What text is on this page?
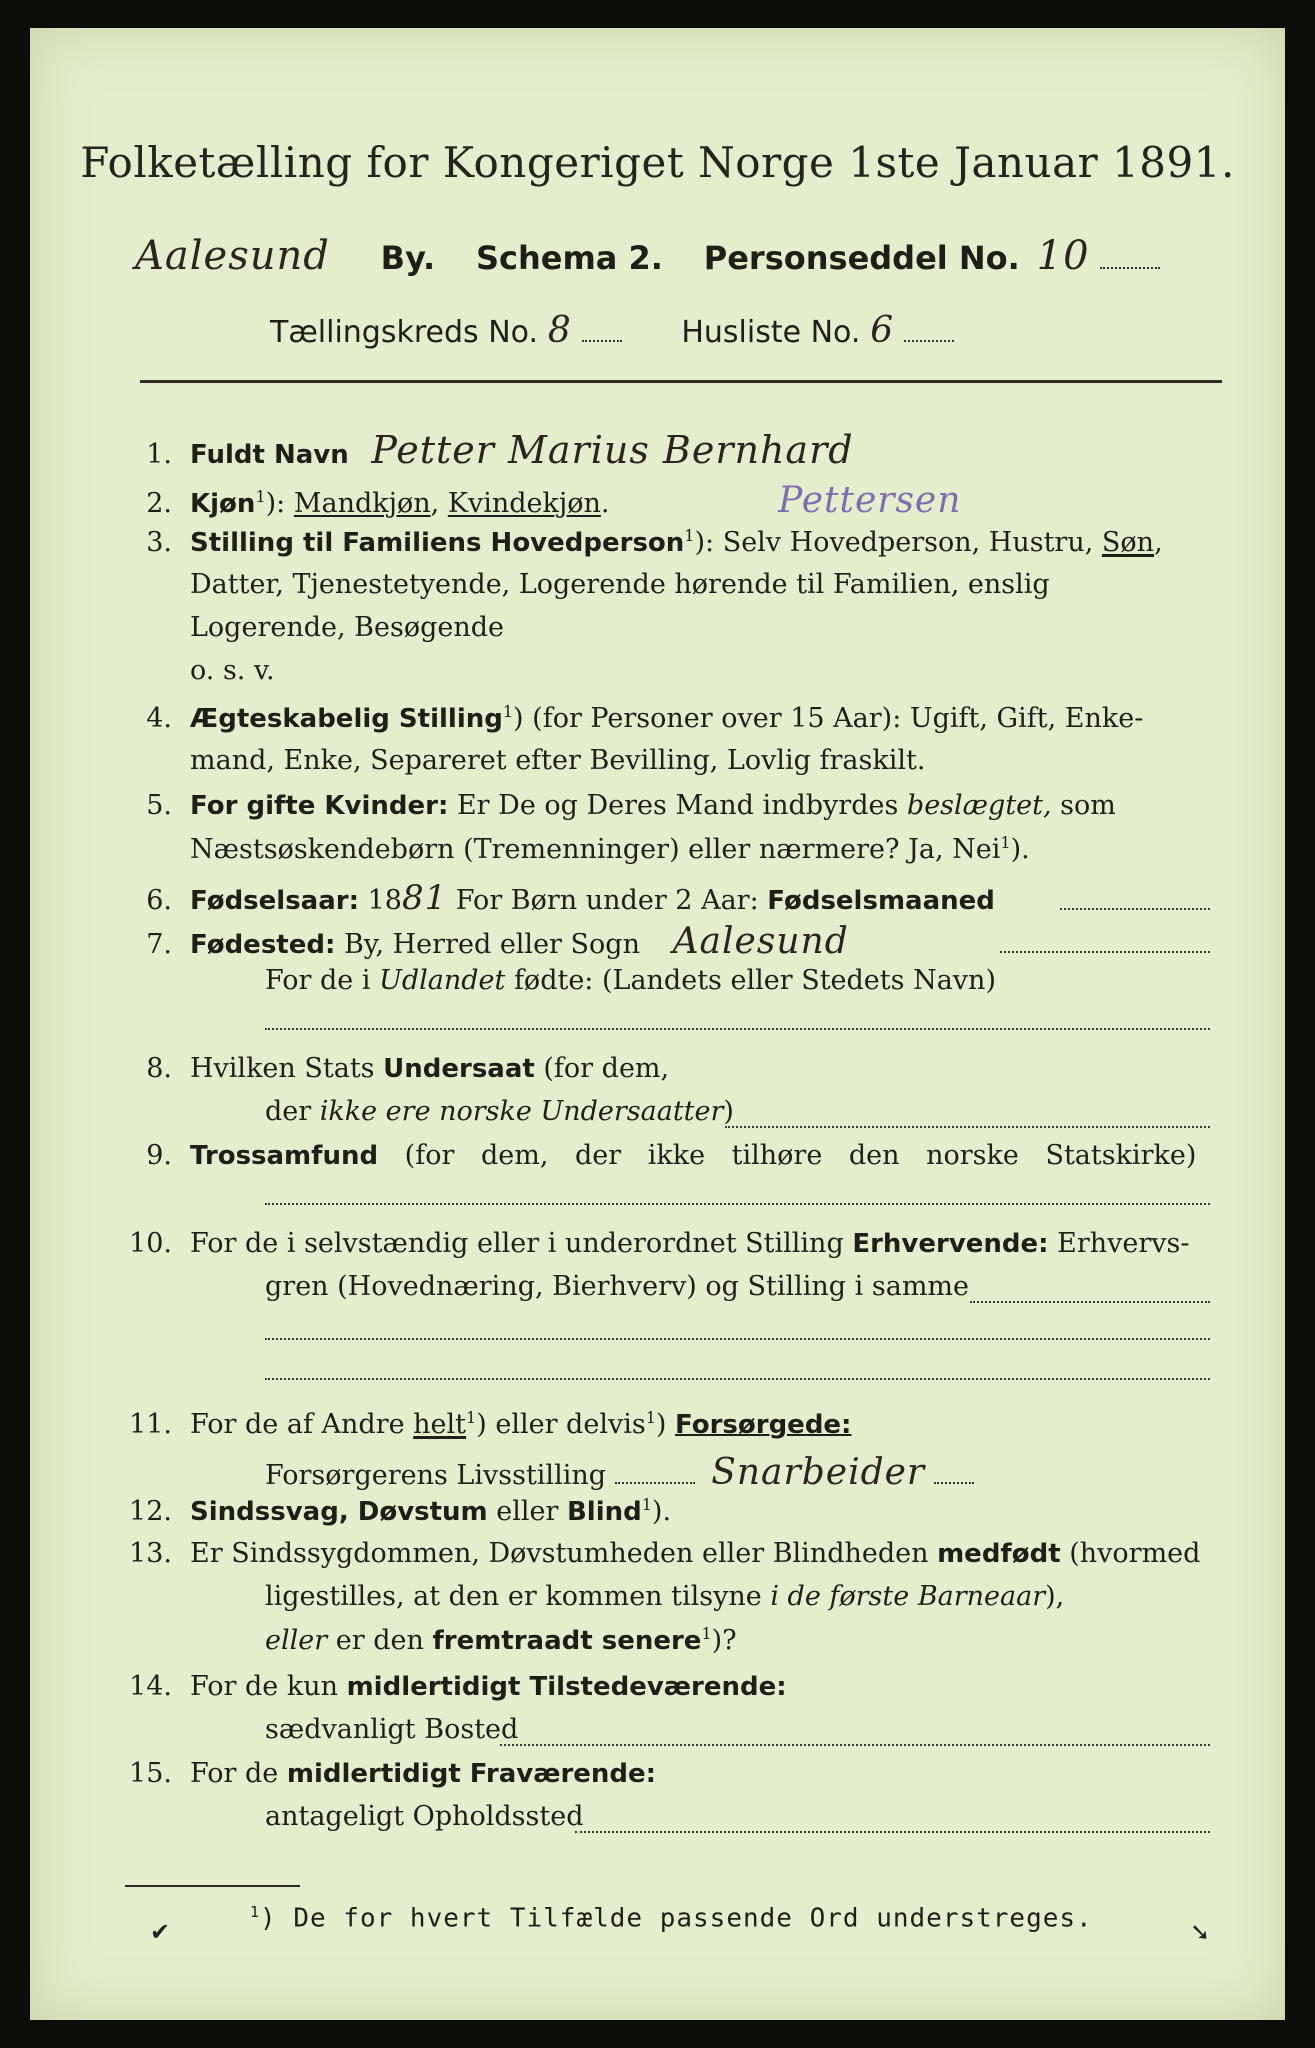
Folketælling for Kongeriget Norge 1ste Januar 1891.
Aalesund By. Schema 2. Personseddel No. 10
Tællingskreds No. 8	Husliste No. 6
1. Fuldt Navn Petter Marius Bernhard
2. Kjøn$^1$): Mandkjøn, Kvindekjøn.	Pettersen
3. Stilling til Familiens Hovedperson$^1$): Selv Hovedperson, Hustru, Søn,
Datter, Tjenestetyende, Logerende hørende til Familien, enslig
Logerende, Besøgende
o. s. v.
4. Ægteskabelig Stilling$^1$) (for Personer over 15 Aar): Ugift, Gift, Enke-
mand, Enke, Separeret efter Bevilling, Lovlig fraskilt.
5. For gifte Kvinder: Er De og Deres Mand indbyrdes beslægtet, som
Næstsøskendebørn (Tremenninger) eller nærmere? Ja, Nei$^1$).
6. Fødselsaar: 1881 For Børn under 2 Aar: Fødselsmaaned
7. Fødested: By, Herred eller Sogn Aalesund
For de i Udlandet fødte: (Landets eller Stedets Navn)
8. Hvilken Stats Undersaat (for dem,
der ikke ere norske Undersaatter)
9. Trossamfund (for dem, der ikke tilhøre den norske Statskirke)
10. For de i selvstændig eller i underordnet Stilling Erhvervende: Erhvervs-
gren (Hovednæring, Bierhverv) og Stilling i samme
11. For de af Andre helt$^1$) eller delvis$^1$) Forsørgede:
Forsørgerens Livsstilling	Snarbeider
12. Sindssvag, Døvstum eller Blind$^1$).
13. Er Sindssygdommen, Døvstumheden eller Blindheden medfødt (hvormed
ligestilles, at den er kommen tilsyne i de første Barneaar),
eller er den fremtraadt senere$^1$)?
14. For de kun midlertidigt Tilstedeværende:
sædvanligt Bosted
15. For de midlertidigt Fraværende:
antageligt Opholdssted
$^1$) De for hvert Tilfælde passende Ord understreges.
✔	➘
